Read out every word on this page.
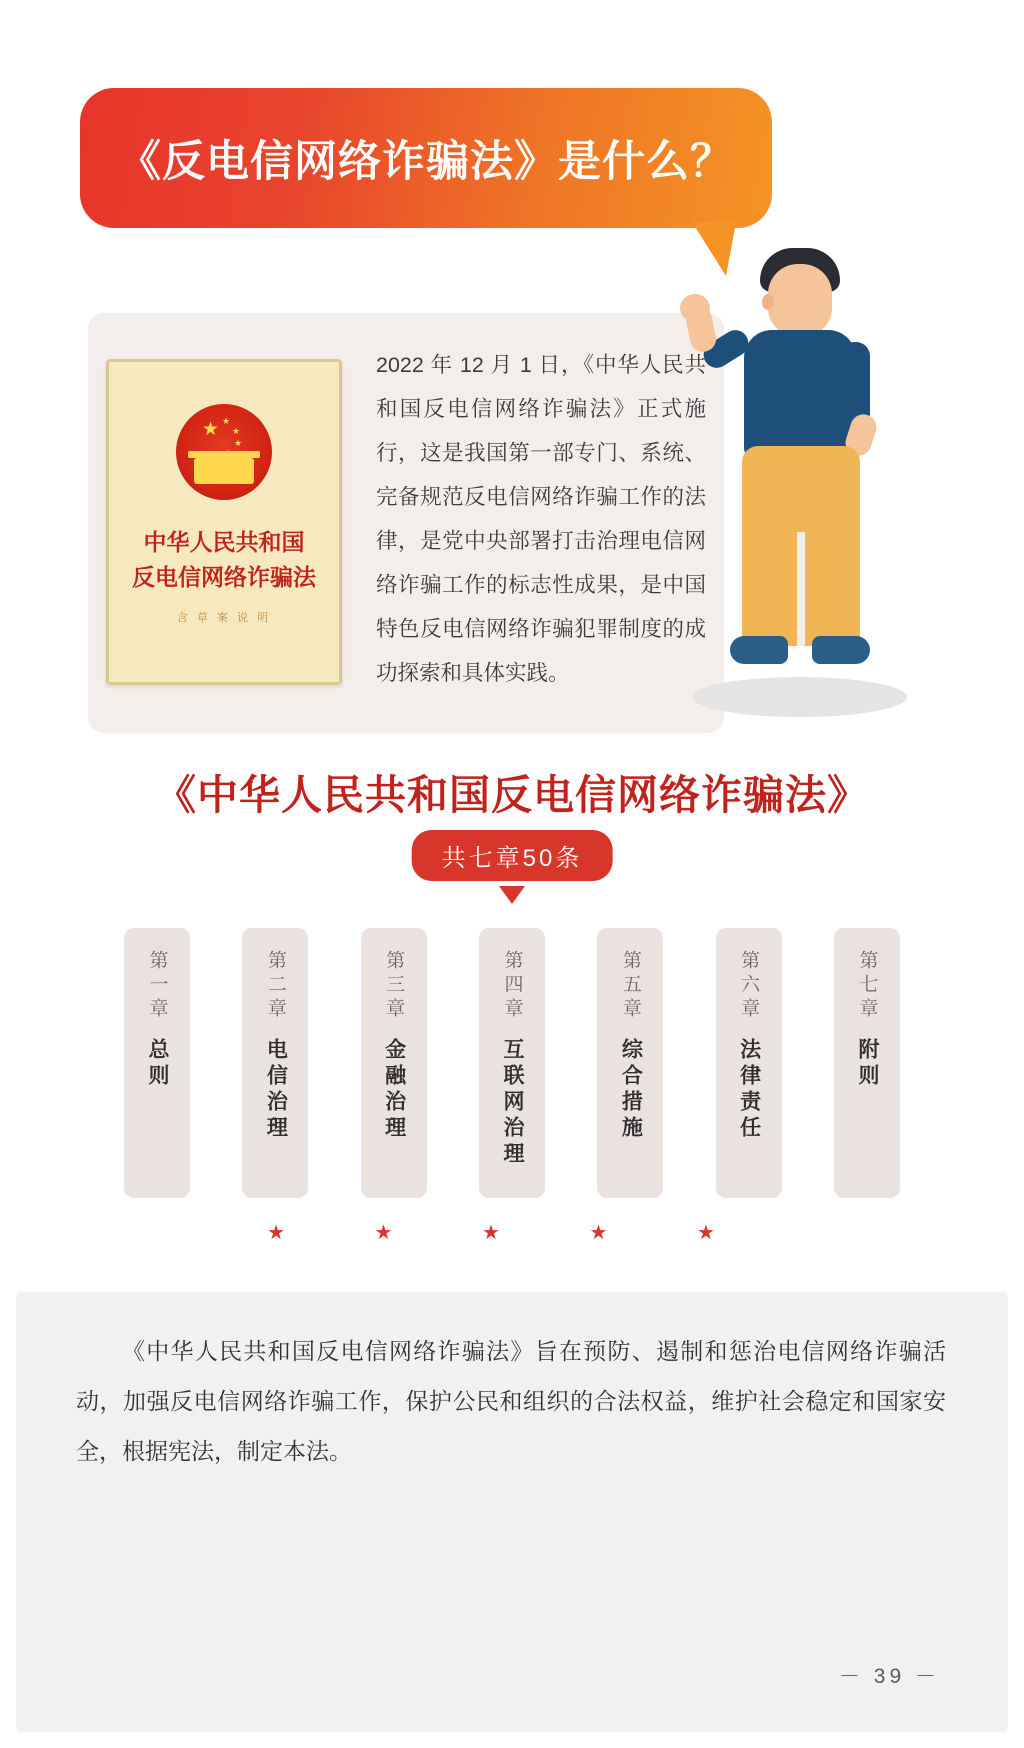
《反电信网络诈骗法》是什么？
★ ★
★
★
中华人民共和国
反电信网络诈骗法
含 草 案 说 明
2022 年 12 月 1 日，《中华人民共和国反电信网络诈骗法》正式施行，这是我国第一部专门、系统、完备规范反电信网络诈骗工作的法律，是党中央部署打击治理电信网络诈骗工作的标志性成果，是中国特色反电信网络诈骗犯罪制度的成功探索和具体实践。
《中华人民共和国反电信网络诈骗法》
共七章50条
第一章
总则
第二章
电信治理
第三章
金融治理
第四章
互联网治理
第五章
综合措施
第六章
法律责任
第七章
附则
★ ★ ★ ★ ★
《中华人民共和国反电信网络诈骗法》旨在预防、遏制和惩治电信网络诈骗活动，加强反电信网络诈骗工作，保护公民和组织的合法权益，维护社会稳定和国家安全，根据宪法，制定本法。
－ 39 －
